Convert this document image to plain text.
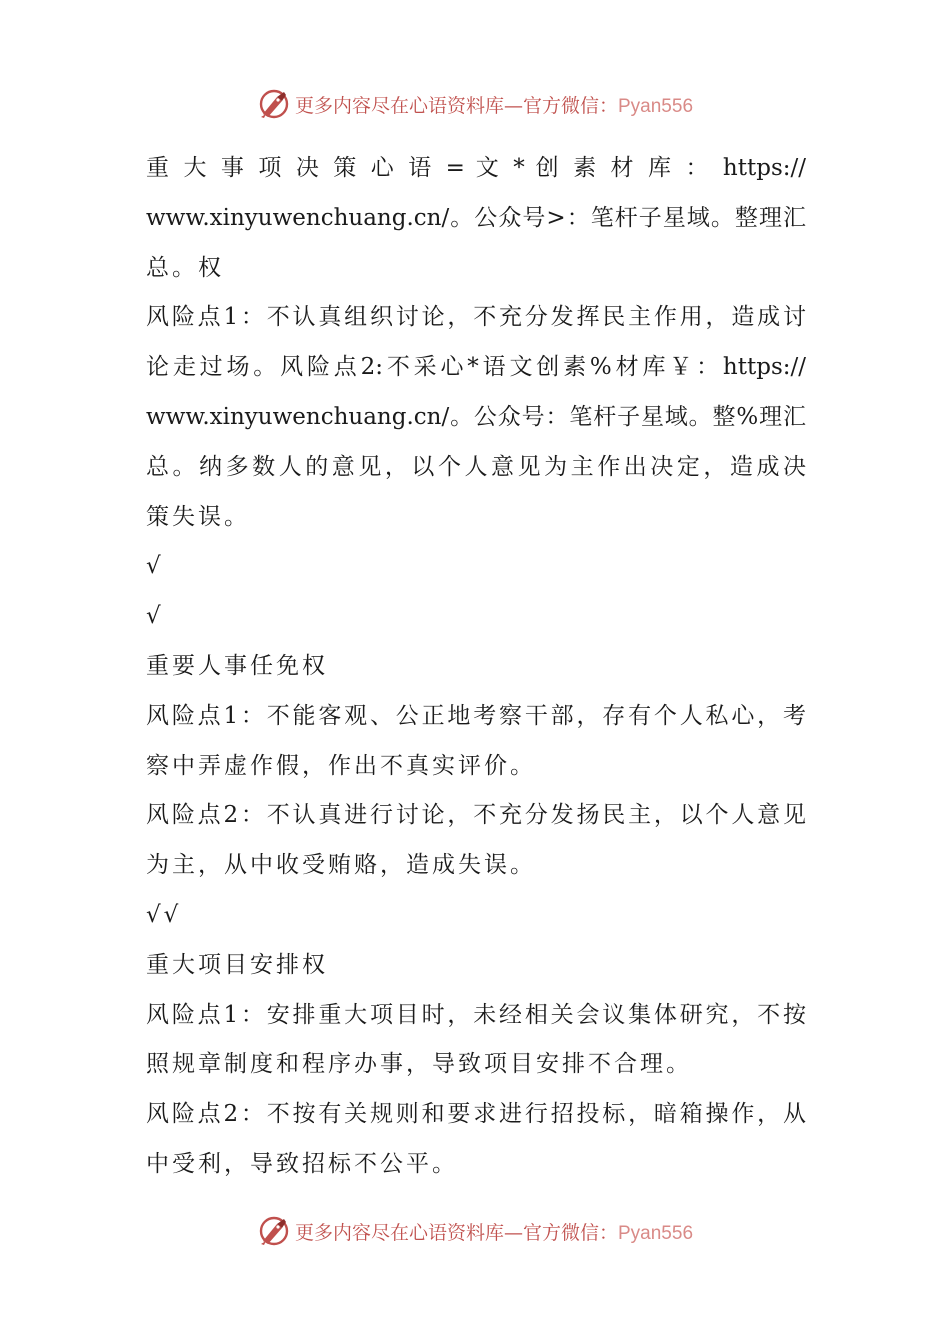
更多内容尽在心语资料库—官方微信：Pyan556
重 大 事 项 决 策 心 语 = 文 * 创 素 材 库 ： https://
www.xinyuwenchuang.cn/。公众号>：笔杆子星域。整理汇
总。权
风险点1：不认真组织讨论，不充分发挥民主作用，造成讨
论走过场。风险点2:不采心*语文创素%材库￥：https://
www.xinyuwenchuang.cn/。公众号：笔杆子星域。整%理汇
总。纳多数人的意见，以个人意见为主作出决定，造成决
策失误。
√
√
重要人事任免权
风险点1：不能客观、公正地考察干部，存有个人私心，考
察中弄虚作假，作出不真实评价。
风险点2：不认真进行讨论，不充分发扬民主，以个人意见
为主，从中收受贿赂，造成失误。
√√
重大项目安排权
风险点1：安排重大项目时，未经相关会议集体研究，不按
照规章制度和程序办事，导致项目安排不合理。
风险点2：不按有关规则和要求进行招投标，暗箱操作，从
中受利，导致招标不公平。
更多内容尽在心语资料库—官方微信：Pyan556
